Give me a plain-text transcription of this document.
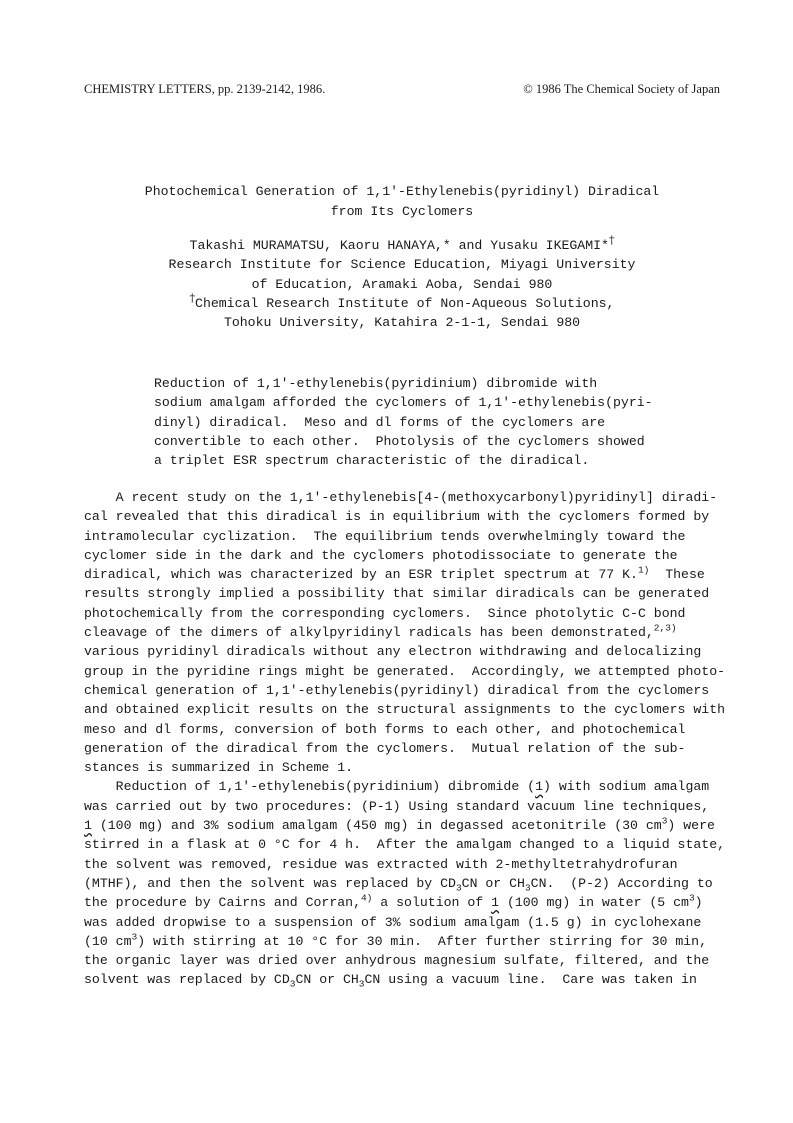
CHEMISTRY LETTERS, pp. 2139-2142, 1986.	© 1986 The Chemical Society of Japan
Photochemical Generation of 1,1'-Ethylenebis(pyridinyl) Diradical
from Its Cyclomers
Takashi MURAMATSU, Kaoru HANAYA,* and Yusaku IKEGAMI*†
Research Institute for Science Education, Miyagi University
of Education, Aramaki Aoba, Sendai 980
†Chemical Research Institute of Non-Aqueous Solutions,
Tohoku University, Katahira 2-1-1, Sendai 980
Reduction of 1,1'-ethylenebis(pyridinium) dibromide with
sodium amalgam afforded the cyclomers of 1,1'-ethylenebis(pyri-
dinyl) diradical.  Meso and dl forms of the cyclomers are
convertible to each other.  Photolysis of the cyclomers showed
a triplet ESR spectrum characteristic of the diradical.
A recent study on the 1,1'-ethylenebis[4-(methoxycarbonyl)pyridinyl] diradi-
cal revealed that this diradical is in equilibrium with the cyclomers formed by
intramolecular cyclization.  The equilibrium tends overwhelmingly toward the
cyclomer side in the dark and the cyclomers photodissociate to generate the
diradical, which was characterized by an ESR triplet spectrum at 77 K.$^{1)}$  These
results strongly implied a possibility that similar diradicals can be generated
photochemically from the corresponding cyclomers.  Since photolytic C-C bond
cleavage of the dimers of alkylpyridinyl radicals has been demonstrated,$^{2,3)}$
various pyridinyl diradicals without any electron withdrawing and delocalizing
group in the pyridine rings might be generated.  Accordingly, we attempted photo-
chemical generation of 1,1'-ethylenebis(pyridinyl) diradical from the cyclomers
and obtained explicit results on the structural assignments to the cyclomers with
meso and dl forms, conversion of both forms to each other, and photochemical
generation of the diradical from the cyclomers.  Mutual relation of the sub-
stances is summarized in Scheme 1.
Reduction of 1,1'-ethylenebis(pyridinium) dibromide (1) with sodium amalgam
was carried out by two procedures: (P-1) Using standard vacuum line techniques,
1 (100 mg) and 3% sodium amalgam (450 mg) in degassed acetonitrile (30 $cm^3$) were
stirred in a flask at 0 °C for 4 h.  After the amalgam changed to a liquid state,
the solvent was removed, residue was extracted with 2-methyltetrahydrofuran
(MTHF), and then the solvent was replaced by $CD_3CN$ or $CH_3CN$.  (P-2) According to
the procedure by Cairns and Corran,$^{4)}$ a solution of 1 (100 mg) in water (5 $cm^3$)
was added dropwise to a suspension of 3% sodium amalgam (1.5 g) in cyclohexane
(10 $cm^3$) with stirring at 10 °C for 30 min.  After further stirring for 30 min,
the organic layer was dried over anhydrous magnesium sulfate, filtered, and the
solvent was replaced by $CD_3CN$ or $CH_3CN$ using a vacuum line.  Care was taken in
